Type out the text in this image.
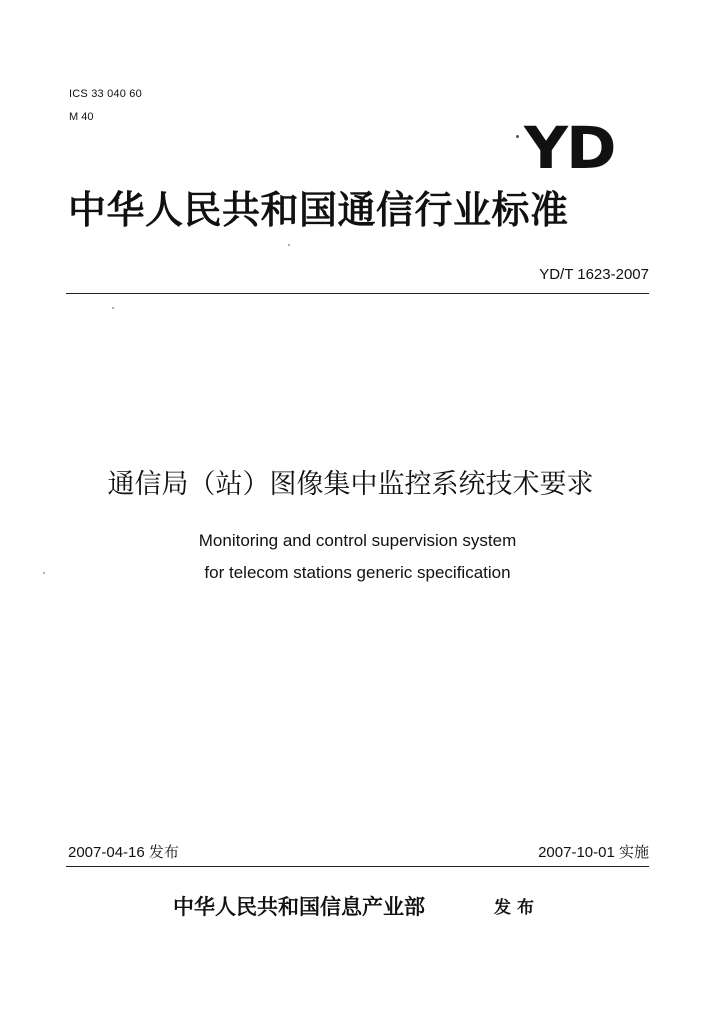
ICS 33 040 60
M 40	YD
中华人民共和国通信行业标准
YD/T 1623-2007
通信局（站）图像集中监控系统技术要求
Monitoring and control supervision system
for telecom stations generic specification
2007-04-16 发布	2007-10-01 实施
中华人民共和国信息产业部	发布
